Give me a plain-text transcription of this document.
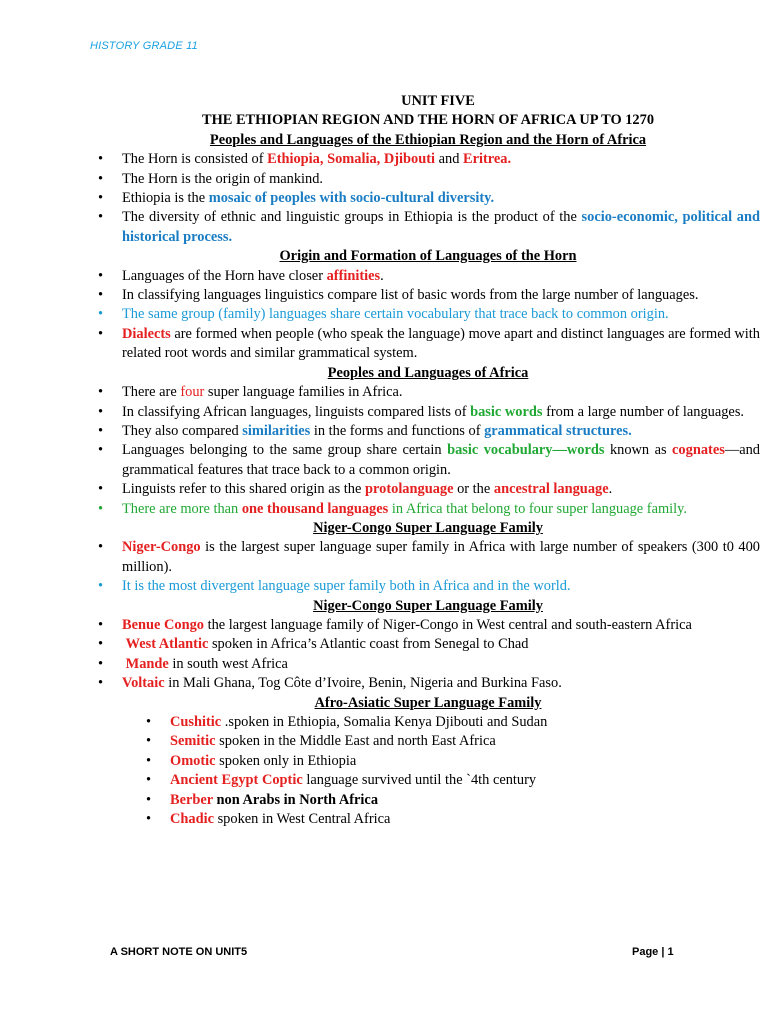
HISTORY GRADE 11
UNIT FIVE
THE ETHIOPIAN REGION AND THE HORN OF AFRICA UP TO 1270
Peoples and Languages of the Ethiopian Region and the Horn of Africa
• The Horn is consisted of Ethiopia, Somalia, Djibouti and Eritrea.
• The Horn is the origin of mankind.
• Ethiopia is the mosaic of peoples with socio-cultural diversity.
• The diversity of ethnic and linguistic groups in Ethiopia is the product of the socio-economic, political and historical process.
Origin and Formation of Languages of the Horn
• Languages of the Horn have closer affinities.
• In classifying languages linguistics compare list of basic words from the large number of languages.
• The same group (family) languages share certain vocabulary that trace back to common origin.
• Dialects are formed when people (who speak the language) move apart and distinct languages are formed with related root words and similar grammatical system.
Peoples and Languages of Africa
• There are four super language families in Africa.
• In classifying African languages, linguists compared lists of basic words from a large number of languages.
• They also compared similarities in the forms and functions of grammatical structures.
• Languages belonging to the same group share certain basic vocabulary—words known as cognates—and grammatical features that trace back to a common origin.
• Linguists refer to this shared origin as the protolanguage or the ancestral language.
• There are more than one thousand languages in Africa that belong to four super language family.
Niger-Congo Super Language Family
• Niger-Congo is the largest super language super family in Africa with large number of speakers (300 t0 400 million).
• It is the most divergent language super family both in Africa and in the world.
Niger-Congo Super Language Family
• Benue Congo the largest language family of Niger-Congo in West central and south-eastern Africa
• West Atlantic spoken in Africa’s Atlantic coast from Senegal to Chad
• Mande in south west Africa
• Voltaic in Mali Ghana, Tog Côte d’Ivoire, Benin, Nigeria and Burkina Faso.
Afro-Asiatic Super Language Family
• Cushitic .spoken in Ethiopia, Somalia Kenya Djibouti and Sudan
• Semitic spoken in the Middle East and north East Africa
• Omotic spoken only in Ethiopia
• Ancient Egypt Coptic language survived until the `4th century
• Berber non Arabs in North Africa
• Chadic spoken in West Central Africa
A SHORT NOTE ON UNIT5	Page | 1
